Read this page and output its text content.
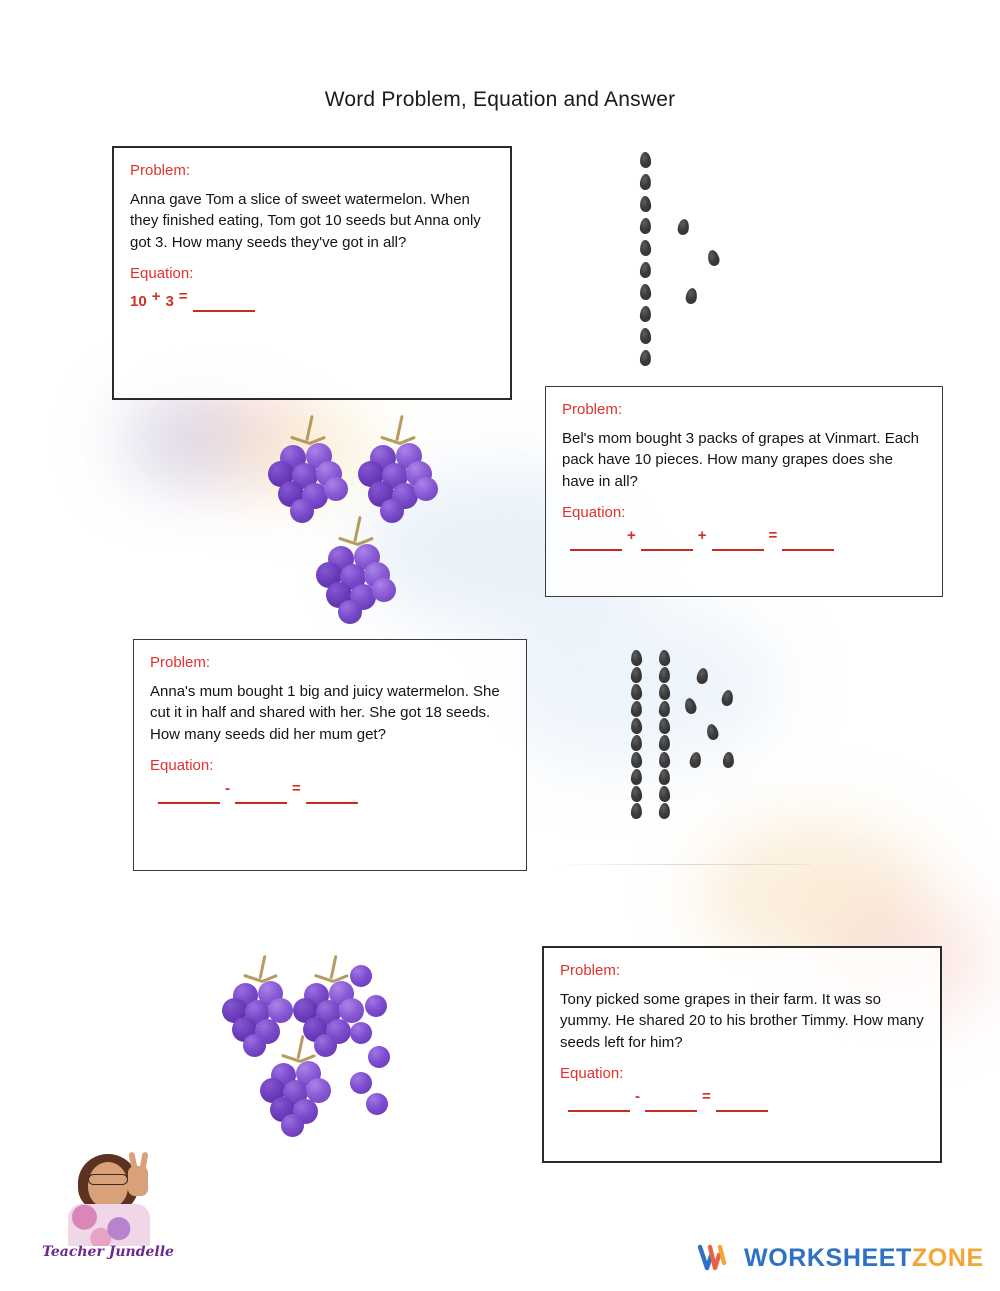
Word Problem, Equation and Answer
Problem:
Anna gave Tom a slice of sweet watermelon. When they finished eating, Tom got 10 seeds but Anna only got 3. How many seeds they've got in all?
Equation:
10 + 3 =
Problem:
Bel's mom bought 3 packs of grapes at Vinmart. Each pack have 10 pieces. How many grapes does she have in all?
Equation:
+	+	=
Problem:
Anna's mum bought 1 big and juicy watermelon. She cut it in half and shared with her. She got 18 seeds. How many seeds did her mum get?
Equation:
-	=
Problem:
Tony picked some grapes in their farm. It was so yummy. He shared 20 to his brother Timmy. How many seeds left for him?
Equation:
-	=
Teacher Jundelle	WORKSHEETZONE
